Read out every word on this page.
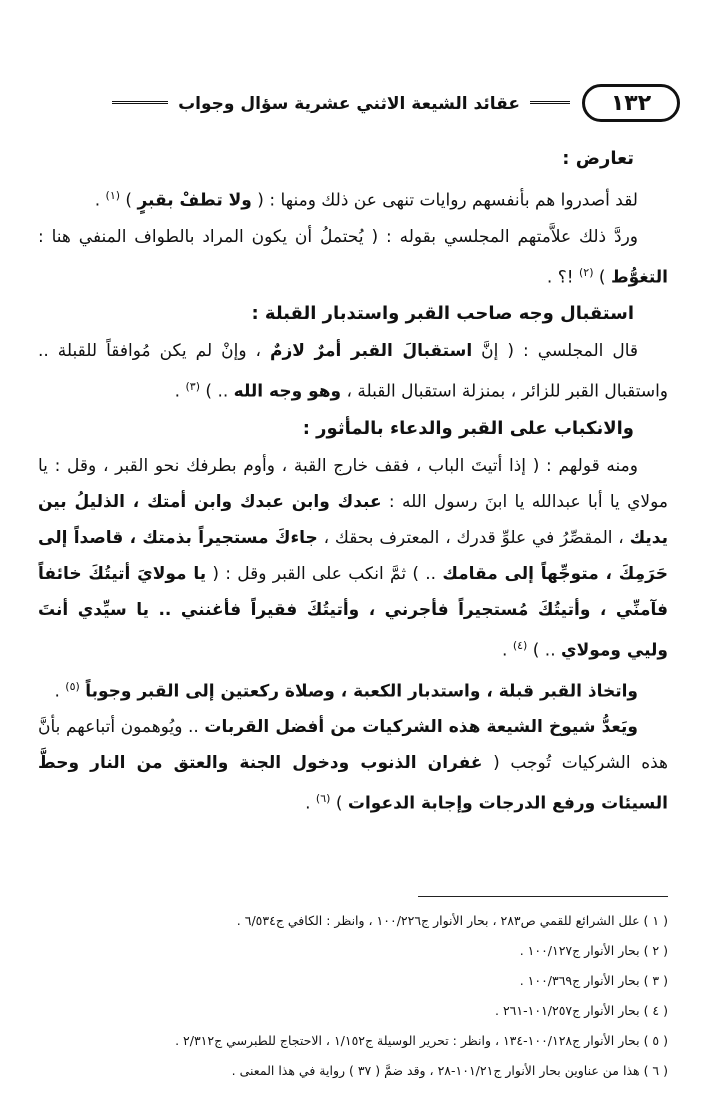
١٣٢
عقائد الشيعة الاثني عشرية سؤال وجواب
تعارض :

لقد أصدروا هم بأنفسهم روايات تنهى عن ذلك ومنها : ( ولا تطفْ بقبرٍ ) $^{(١)}$ .

وردَّ ذلك علاَّمتهم المجلسي بقوله : ( يُحتملُ أن يكون المراد بالطواف المنفي هنا : التغوُّط ) $^{(٢)}$ !؟ .

استقبال وجه صاحب القبر واستدبار القبلة :

قال المجلسي : ( إنَّ استقبالَ القبر أمرٌ لازمٌ ، وإنْ لم يكن مُوافقاً للقبلة .. واستقبال القبر للزائر ، بمنزلة استقبال القبلة ، وهو وجه الله .. ) $^{(٣)}$ .

والانكباب على القبر والدعاء بالمأثور :

ومنه قولهم : ( إذا أتيتَ الباب ، فقف خارج القبة ، وأوم بطرفك نحو القبر ، وقل : يا مولاي يا أبا عبدالله يا ابنَ رسول الله : عبدك وابن عبدك وابن أمتك ، الذليلُ بين يديك ، المقصِّرُ في علوِّ قدرك ، المعترف بحقك ، جاءكَ مستجيراً بذمتك ، قاصداً إلى حَرَمِكَ ، متوجِّهاً إلى مقامك .. ) ثمَّ انكب على القبر وقل : ( يا مولايَ أتيتُكَ خائفاً فآمنِّي ، وأتيتُكَ مُستجيراً فأجرني ، وأتيتُكَ فقيراً فأغنني .. يا سيِّدي أنتَ وليي ومولاي .. ) $^{(٤)}$ .

واتخاذ القبر قبلة ، واستدبار الكعبة ، وصلاة ركعتين إلى القبر وجوباً $^{(٥)}$ .

ويَعدُّ شيوخ الشيعة هذه الشركيات من أفضل القربات .. ويُوهمون أتباعهم بأنَّ هذه الشركيات تُوجب ( غفران الذنوب ودخول الجنة والعتق من النار وحطَّ السيئات ورفع الدرجات وإجابة الدعوات ) $^{(٦)}$ .

( ١ ) علل الشرائع للقمي ص٢٨٣ ، بحار الأنوار ج١٠٠/٢٢٦ ، وانظر : الكافي ج٦/٥٣٤ .
( ٢ ) بحار الأنوار ج١٠٠/١٢٧ .
( ٣ ) بحار الأنوار ج١٠٠/٣٦٩ .
( ٤ ) بحار الأنوار ج١٠١/٢٥٧-٢٦١ .
( ٥ ) بحار الأنوار ج١٠٠/١٢٨-١٣٤ ، وانظر : تحرير الوسيلة ج١/١٥٢ ، الاحتجاج للطبرسي ج٢/٣١٢ .
( ٦ ) هذا من عناوين بحار الأنوار ج١٠١/٢١-٢٨ ، وقد ضمَّ ( ٣٧ ) رواية في هذا المعنى .
